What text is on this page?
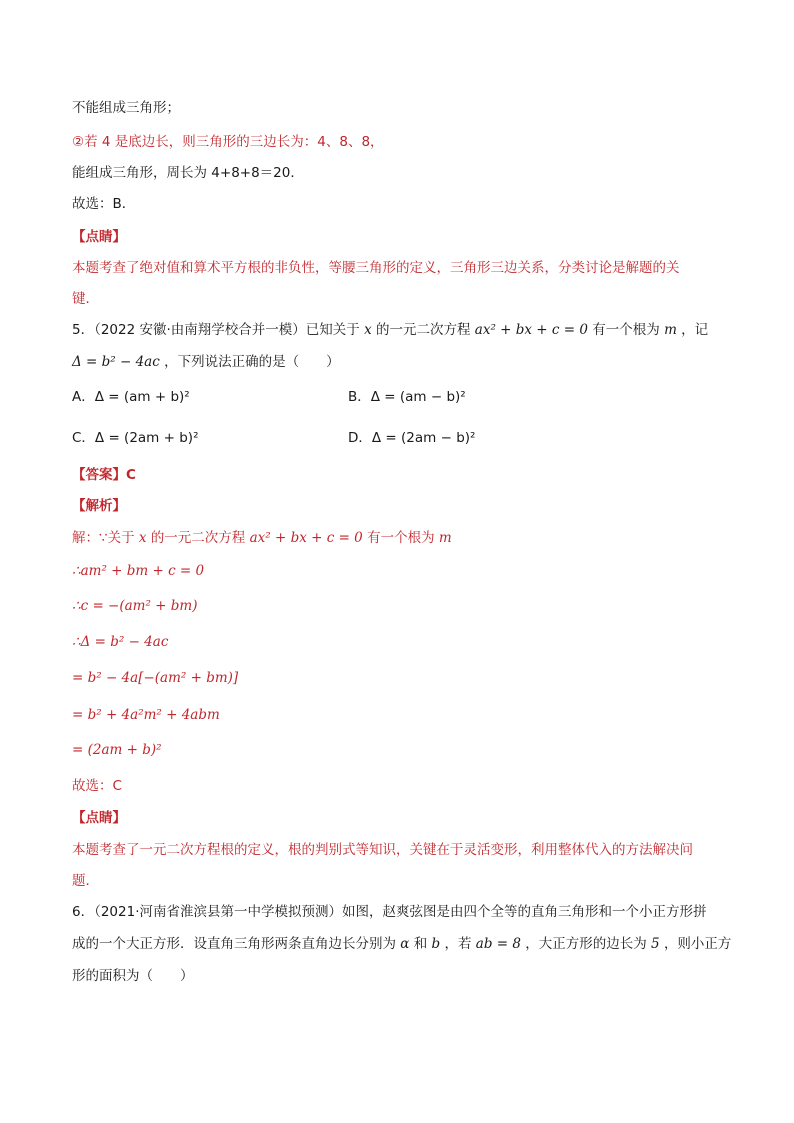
不能组成三角形；
②若 4 是底边长，则三角形的三边长为：4、8、8，
能组成三角形，周长为 4+8+8＝20．
故选：B．
【点睛】
本题考查了绝对值和算术平方根的非负性，等腰三角形的定义，三角形三边关系，分类讨论是解题的关
键．
5．（2022 安徽·由南翔学校合并一模）已知关于 x 的一元二次方程 ax² + bx + c = 0 有一个根为 m ，记
Δ = b² − 4ac ，下列说法正确的是（　　）
A．Δ = (am + b)²	B．Δ = (am − b)²
C．Δ = (2am + b)²	D．Δ = (2am − b)²
【答案】C
【解析】
解：∵关于 x 的一元二次方程 ax² + bx + c = 0 有一个根为 m
∴am² + bm + c = 0
∴c = −(am² + bm)
∴Δ = b² − 4ac
= b² − 4a[−(am² + bm)]
= b² + 4a²m² + 4abm
= (2am + b)²
故选：C
【点睛】
本题考查了一元二次方程根的定义，根的判别式等知识，关键在于灵活变形，利用整体代入的方法解决问
题．
6．（2021·河南省淮滨县第一中学模拟预测）如图，赵爽弦图是由四个全等的直角三角形和一个小正方形拼
成的一个大正方形．设直角三角形两条直角边长分别为 α 和 b ，若 ab = 8 ，大正方形的边长为 5 ，则小正方
形的面积为（　　）
